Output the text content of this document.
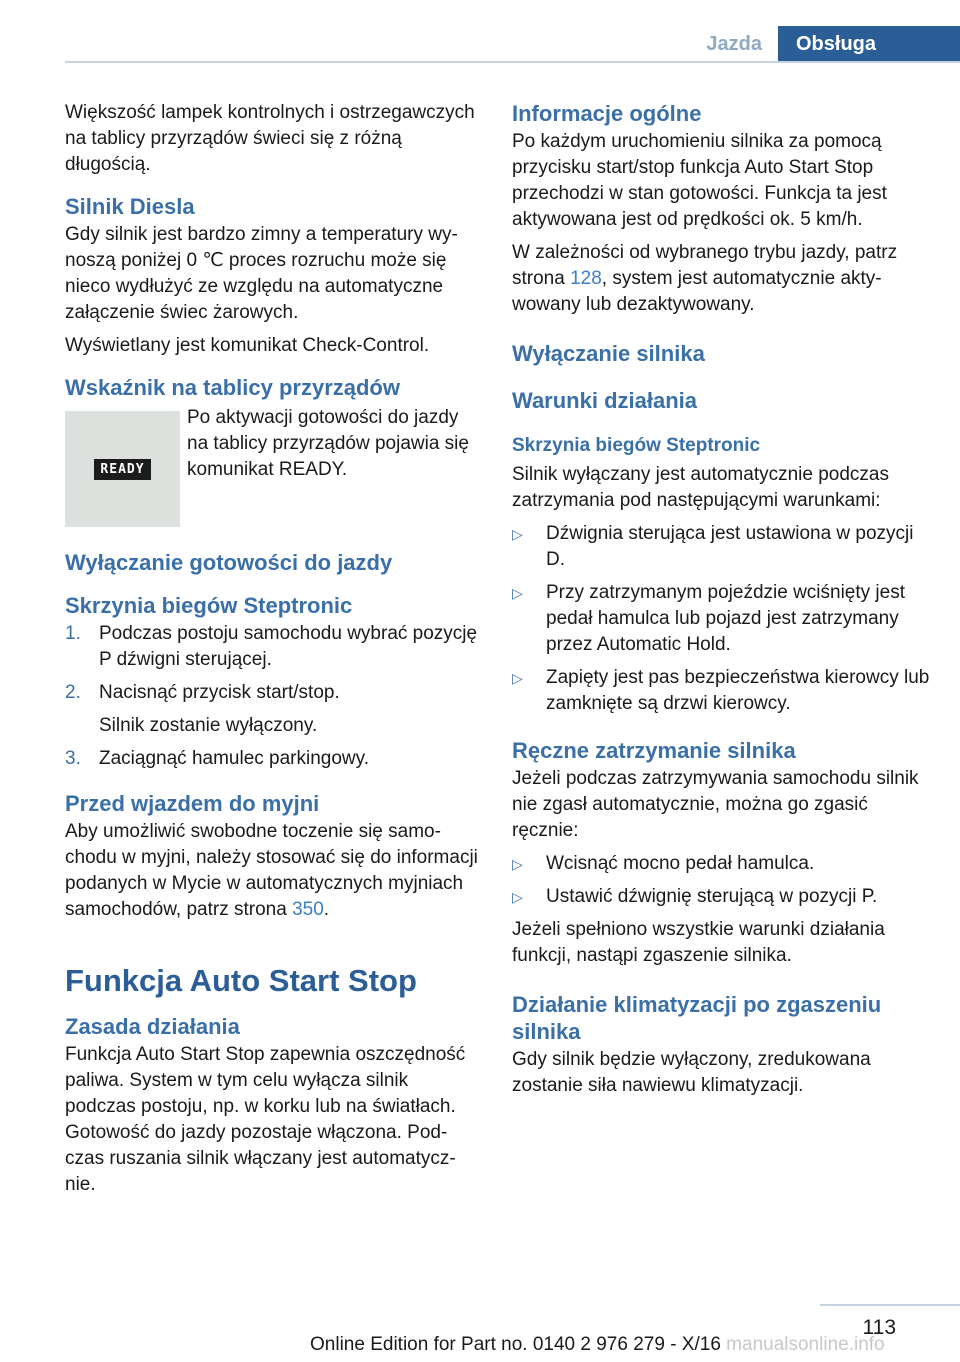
Jazda	Obsługa

Większość lampek kontrolnych i ostrzegawczych na tablicy przyrządów świeci się z różną długością.

Silnik Diesla

Gdy silnik jest bardzo zimny a temperatury wynoszą poniżej 0 ℃ proces rozruchu może się nieco wydłużyć ze względu na automatyczne załączenie świec żarowych.

Wyświetlany jest komunikat Check-Control.

Wskaźnik na tablicy przyrządów
READY
Po aktywacji gotowości do jazdy na tablicy przyrządów pojawia się komunikat READY.
Wyłączanie gotowości do jazdy
Skrzynia biegów Steptronic
1. Podczas postoju samochodu wybrać pozycję P dźwigni sterującej.
2. Nacisnąć przycisk start/stop.
Silnik zostanie wyłączony.
3. Zaciągnąć hamulec parkingowy.
Przed wjazdem do myjni

Aby umożliwić swobodne toczenie się samochodu w myjni, należy stosować się do informacji podanych w Mycie w automatycznych myjniach samochodów, patrz strona 350.

Funkcja Auto Start Stop
Zasada działania

Funkcja Auto Start Stop zapewnia oszczędność paliwa. System w tym celu wyłącza silnik podczas postoju, np. w korku lub na światłach. Gotowość do jazdy pozostaje włączona. Podczas ruszania silnik włączany jest automatycznie.

Informacje ogólne

Po każdym uruchomieniu silnika za pomocą przycisku start/stop funkcja Auto Start Stop przechodzi w stan gotowości. Funkcja ta jest aktywowana jest od prędkości ok. 5 km/h.

W zależności od wybranego trybu jazdy, patrz strona 128, system jest automatycznie aktywowany lub dezaktywowany.

Wyłączanie silnika
Warunki działania
Skrzynia biegów Steptronic

Silnik wyłączany jest automatycznie podczas zatrzymania pod następującymi warunkami:

▷	Dźwignia sterująca jest ustawiona w pozycji D.
▷	Przy zatrzymanym pojeździe wciśnięty jest pedał hamulca lub pojazd jest zatrzymany przez Automatic Hold.
▷	Zapięty jest pas bezpieczeństwa kierowcy lub zamknięte są drzwi kierowcy.
Ręczne zatrzymanie silnika

Jeżeli podczas zatrzymywania samochodu silnik nie zgasł automatycznie, można go zgasić ręcznie:

▷	Wcisnąć mocno pedał hamulca.
▷	Ustawić dźwignię sterującą w pozycji P.

Jeżeli spełniono wszystkie warunki działania funkcji, nastąpi zgaszenie silnika.

Działanie klimatyzacji po zgaszeniu silnika

Gdy silnik będzie wyłączony, zredukowana zostanie siła nawiewu klimatyzacji.

113
Online Edition for Part no. 0140 2 976 279 - X/16 manualsonline.info
